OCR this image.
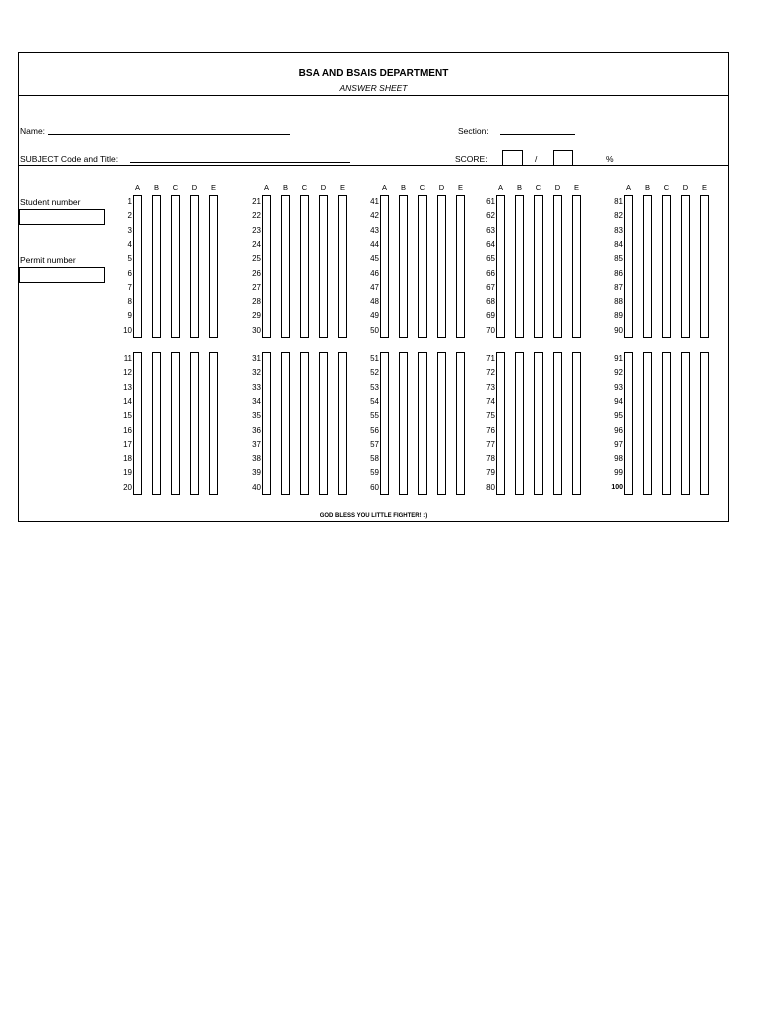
BSA AND BSAIS DEPARTMENT
ANSWER SHEET
Name:	Section:
SUBJECT Code and Title:	SCORE:	/	%
Student number
Permit number
A	B	C	D	E
1
2
3
4
5
6
7
8
9
10
11
12
13
14
15
16
17
18
19
20
A	B	C	D	E
21
22
23
24
25
26
27
28
29
30
31
32
33
34
35
36
37
38
39
40
A	B	C	D	E
41
42
43
44
45
46
47
48
49
50
51
52
53
54
55
56
57
58
59
60
A	B	C	D	E
61
62
63
64
65
66
67
68
69
70
71
72
73
74
75
76
77
78
79
80
A	B	C	D	E
81
82
83
84
85
86
87
88
89
90
91
92
93
94
95
96
97
98
99
100
GOD BLESS YOU LITTLE FIGHTER! :)
